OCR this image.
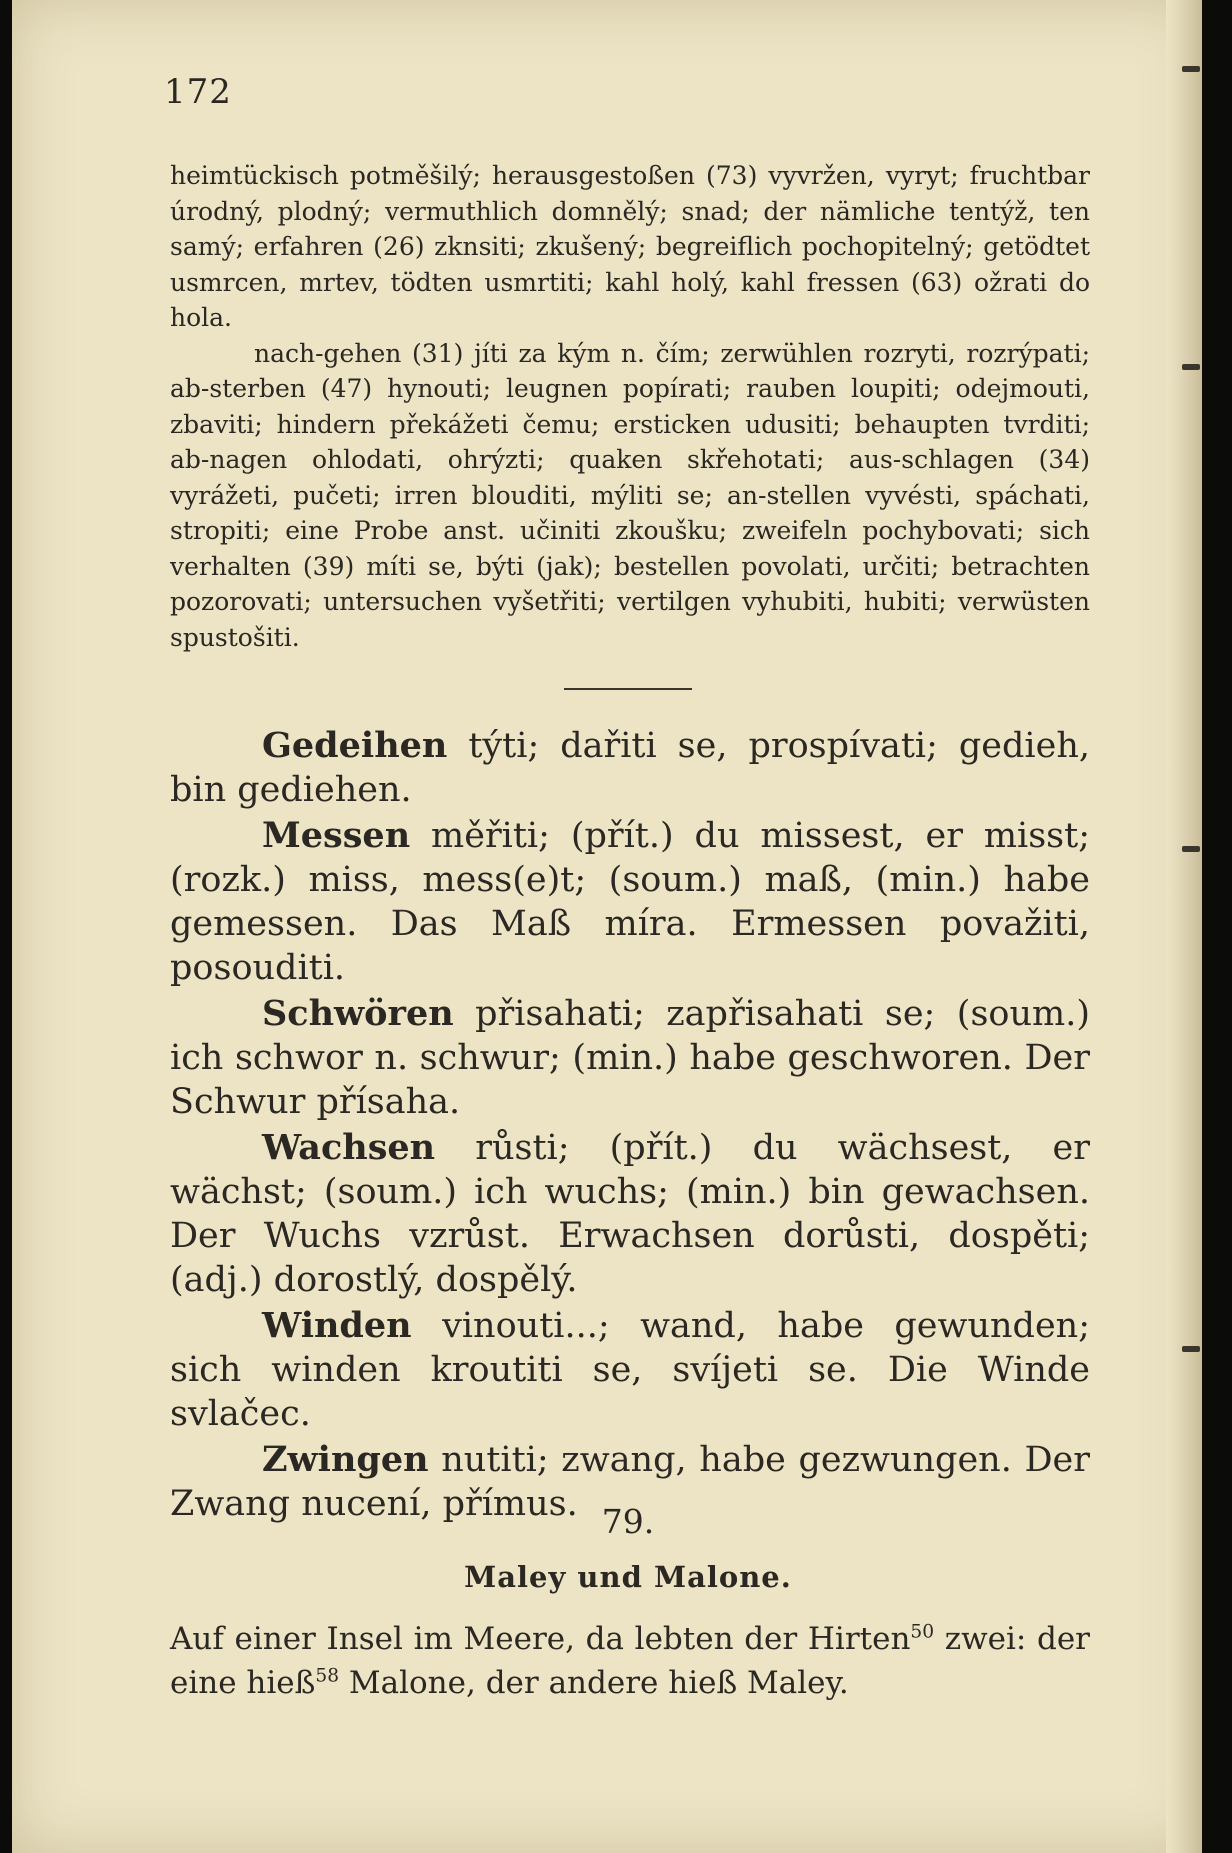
172

heimtückisch potměšilý; herausgestoßen (73) vyvržen, vyryt; fruchtbar úrodný, plodný; vermuthlich domnělý; snad; der nämliche tentýž, ten samý; erfahren (26) zknsiti; zkušený; begreiflich pochopitelný; getödtet usmrcen, mrtev, tödten usmrtiti; kahl holý, kahl fressen (63) ožrati do hola.

nach-gehen (31) jíti za kým n. čím; zerwühlen rozryti, rozrýpati; ab-sterben (47) hynouti; leugnen popírati; rauben loupiti; odejmouti, zbaviti; hindern překážeti čemu; ersticken udusiti; behaupten tvrditi; ab-nagen ohlodati, ohrýzti; quaken skřehotati; aus-schlagen (34) vyrážeti, pučeti; irren blouditi, mýliti se; an-stellen vyvésti, spáchati, stropiti; eine Probe anst. učiniti zkoušku; zweifeln pochybovati; sich verhalten (39) míti se, býti (jak); bestellen povolati, určiti; betrachten pozorovati; untersuchen vyšetřiti; vertilgen vyhubiti, hubiti; verwüsten spustošiti.

Gedeihen týti; dařiti se, prospívati; gedieh, bin gediehen.

Messen měřiti; (přít.) du missest, er misst; (rozk.) miss, mess(e)t; (soum.) maß, (min.) habe gemessen. Das Maß míra. Ermessen považiti, posouditi.

Schwören přisahati; zapřisahati se; (soum.) ich schwor n. schwur; (min.) habe geschworen. Der Schwur přísaha.

Wachsen růsti; (přít.) du wächsest, er wächst; (soum.) ich wuchs; (min.) bin gewachsen. Der Wuchs vzrůst. Erwachsen dorůsti, dospěti; (adj.) dorostlý, dospělý.

Winden vinouti...; wand, habe gewunden; sich winden kroutiti se, svíjeti se. Die Winde svlačec.

Zwingen nutiti; zwang, habe gezwungen. Der Zwang nucení, přímus. 79.
Maley und Malone.

Auf einer Insel im Meere, da lebten der Hirten$^{50}$ zwei: der eine hieß$^{58}$ Malone, der andere hieß Maley.
